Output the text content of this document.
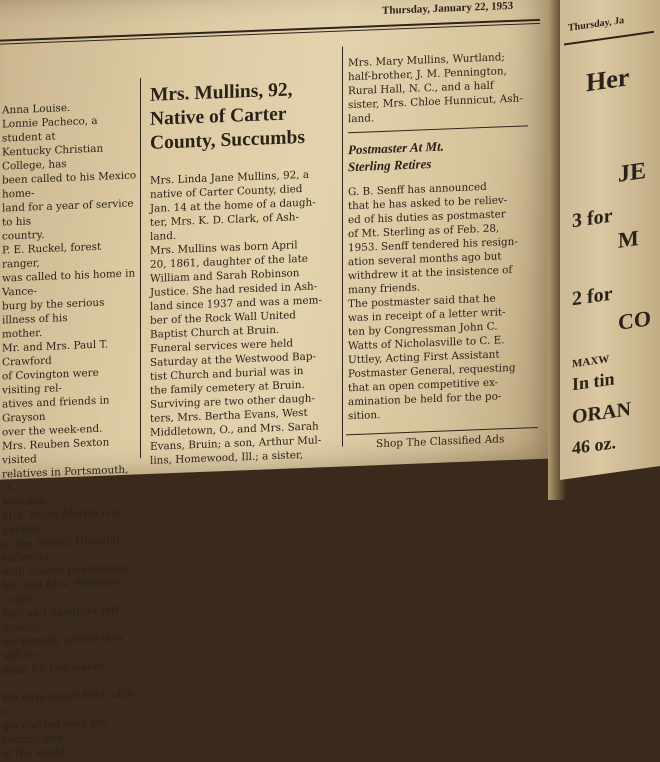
Thursday, January 22, 1953

Anna Louise.

Lonnie Pacheco, a student at

Kentucky Christian College, has

been called to his Mexico home-

land for a year of service to his

country.

P. E. Ruckel, forest ranger,

was called to his home in Vance-

burg by the serious illness of his

mother.

Mr. and Mrs. Paul T. Crawford

of Covington were visiting rel-

atives and friends in Grayson

over the week-end.

Mrs. Reuben Sexton visited

relatives in Portsmouth, O.,

Monday.

Mrs. Millis Melvin is a patient

in the Stovall Hospital suffering

with double pneumonia.

Mr. and Mrs. Woodrow Craw-

ford and daughter left Sunday

for Florida, where they will re-

main for two weeks.

We have never been able to

get carried over the coming end

of the world.

Mrs. Mullins, 92,

Native of Carter

County, Succumbs

Mrs. Linda Jane Mullins, 92, a

native of Carter County, died

Jan. 14 at the home of a daugh-

ter, Mrs. K. D. Clark, of Ash-

land.

Mrs. Mullins was born April

20, 1861, daughter of the late

William and Sarah Robinson

Justice. She had resided in Ash-

land since 1937 and was a mem-

ber of the Rock Wall United

Baptist Church at Bruin.

Funeral services were held

Saturday at the Westwood Bap-

tist Church and burial was in

the family cemetery at Bruin.

Surviving are two other daugh-

ters, Mrs. Bertha Evans, West

Middletown, O., and Mrs. Sarah

Evans, Bruin; a son, Arthur Mul-

lins, Homewood, Ill.; a sister,

Mrs. Mary Mullins, Wurtland;

half-brother, J. M. Pennington,

Rural Hall, N. C., and a half

sister, Mrs. Chloe Hunnicut, Ash-

land.

Postmaster At Mt.

Sterling Retires

G. B. Senff has announced

that he has asked to be reliev-

ed of his duties as postmaster

of Mt. Sterling as of Feb. 28,

1953. Senff tendered his resign-

ation several months ago but

withdrew it at the insistence of

many friends.

The postmaster said that he

was in receipt of a letter writ-

ten by Congressman John C.

Watts of Nicholasville to C. E.

Uttley, Acting First Assistant

Postmaster General, requesting

that an open competitive ex-

amination be held for the po-

sition.

Shop The Classified Ads
Thursday, Ja
Her
JE
3 for
M
2 for
CO
MAXW
In tin
ORAN
46 oz.
